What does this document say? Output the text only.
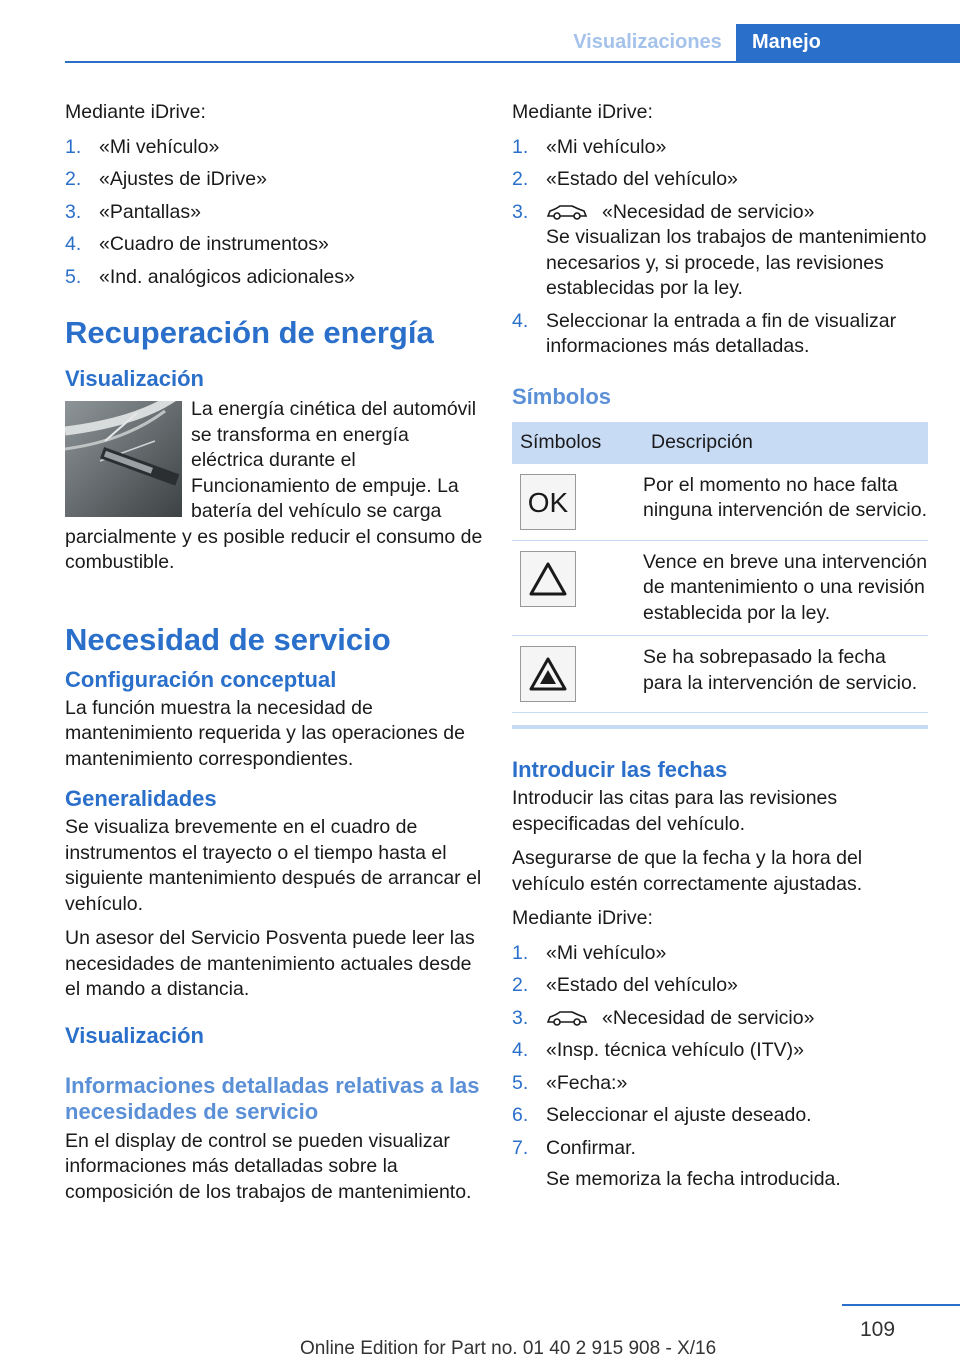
Visualizaciones	Manejo

Mediante iDrive:

1. «Mi vehículo»
2. «Ajustes de iDrive»
3. «Pantallas»
4. «Cuadro de instrumentos»
5. «Ind. analógicos adicionales»
Recuperación de energía
Visualización

La energía cinética del automóvil se transforma en energía eléctrica durante el Funcionamiento de empuje. La batería del vehículo se carga parcialmente y es posible reducir el consumo de combustible.

Necesidad de servicio
Configuración conceptual

La función muestra la necesidad de mantenimiento requerida y las operaciones de mantenimiento correspondientes.

Generalidades

Se visualiza brevemente en el cuadro de instrumentos el trayecto o el tiempo hasta el siguiente mantenimiento después de arrancar el vehículo.

Un asesor del Servicio Posventa puede leer las necesidades de mantenimiento actuales desde el mando a distancia.

Visualización
Informaciones detalladas relativas a las necesidades de servicio

En el display de control se pueden visualizar informaciones más detalladas sobre la composición de los trabajos de mantenimiento.

Mediante iDrive:

1. «Mi vehículo»
2. «Estado del vehículo»
3.	«Necesidad de servicio»
Se visualizan los trabajos de mantenimiento necesarios y, si procede, las revisiones establecidas por la ley.
4. Seleccionar la entrada a fin de visualizar informaciones más detalladas.
Símbolos
Símbolos	Descripción

OK	Por el momento no hace falta ninguna intervención de servicio.

	Vence en breve una intervención de mantenimiento o una revisión establecida por la ley.

	Se ha sobrepasado la fecha para la intervención de servicio.
Introducir las fechas

Introducir las citas para las revisiones especificadas del vehículo.

Asegurarse de que la fecha y la hora del vehículo estén correctamente ajustadas.

Mediante iDrive:

1. «Mi vehículo»
2. «Estado del vehículo»
3.	«Necesidad de servicio»
4. «Insp. técnica vehículo (ITV)»
5. «Fecha:»
6. Seleccionar el ajuste deseado.
7. Confirmar.
Se memoriza la fecha introducida.
109
Online Edition for Part no. 01 40 2 915 908 - X/16
